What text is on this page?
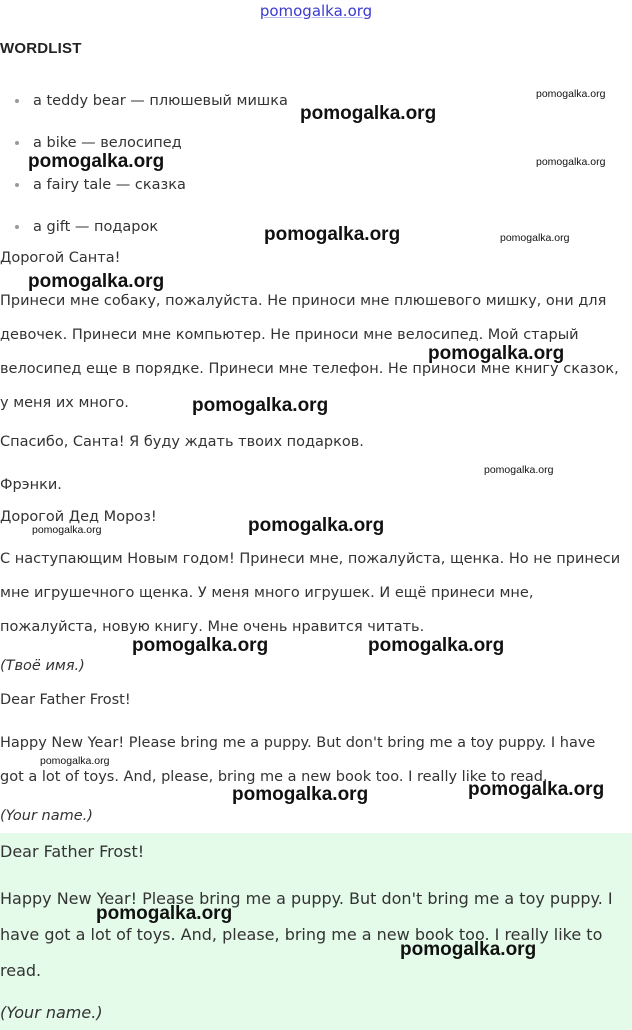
pomogalka.org
WORDLIST
a teddy bear — плюшевый мишка
a bike — велосипед
a fairy tale — сказка
a gift — подарок

Дорогой Санта!

Принеси мне собаку, пожалуйста. Не приноси мне плюшевого мишку, они для девочек. Принеси мне компьютер. Не приноси мне велосипед. Мой старый велосипед еще в порядке. Принеси мне телефон. Не приноси мне книгу сказок, у меня их много.

Спасибо, Санта! Я буду ждать твоих подарков.

Фрэнки.

Дорогой Дед Мороз!

С наступающим Новым годом! Принеси мне, пожалуйста, щенка. Но не принеси мне игрушечного щенка. У меня много игрушек. И ещё принеси мне, пожалуйста, новую книгу. Мне очень нравится читать.

(Твоё имя.)

Dear Father Frost!

Happy New Year! Please bring me a puppy. But don't bring me a toy puppy. I have got a lot of toys. And, please, bring me a new book too. I really like to read.

(Your name.)

Dear Father Frost!

Happy New Year! Please bring me a puppy. But don't bring me a toy puppy. I have got a lot of toys. And, please, bring me a new book too. I really like to read.

(Your name.)

pomogalka.org
pomogalka.org
pomogalka.org	pomogalka.org
pomogalka.org	pomogalka.org
pomogalka.org
pomogalka.org
pomogalka.org
pomogalka.org
pomogalka.org
pomogalka.org
pomogalka.org	pomogalka.org
pomogalka.org
pomogalka.org
pomogalka.org
pomogalka.org
pomogalka.org
